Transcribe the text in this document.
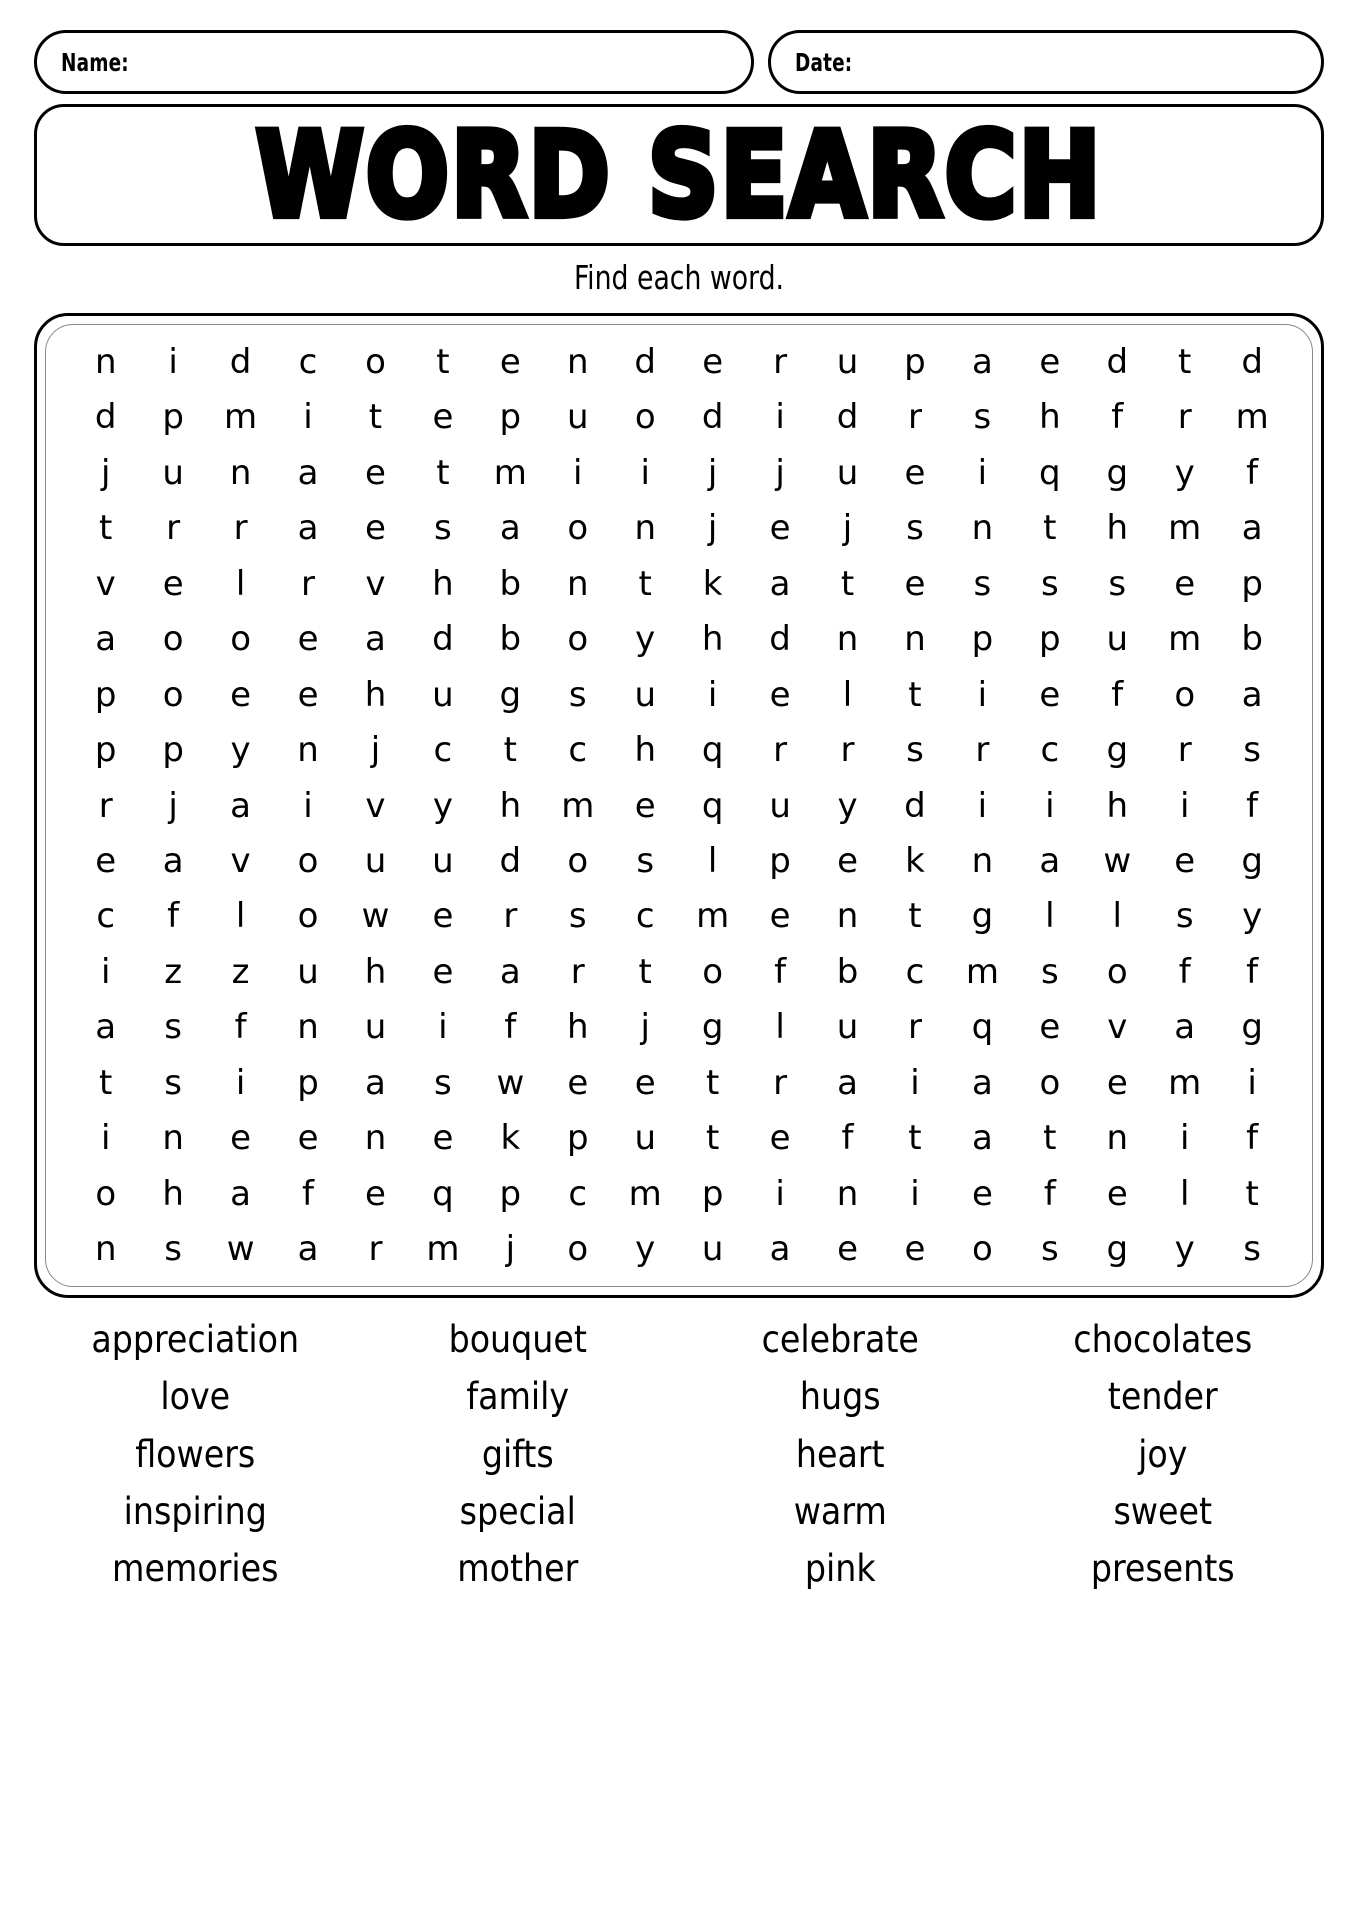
Name:	Date:
WORD SEARCH
Find each word.
n	i	d	c	o	t	e	n	d	e	r	u	p	a	e	d	t	d
d	p	m	i	t	e	p	u	o	d	i	d	r	s	h	f	r	m
j	u	n	a	e	t	m	i	i	j	j	u	e	i	q	g	y	f
t	r	r	a	e	s	a	o	n	j	e	j	s	n	t	h	m	a
v	e	l	r	v	h	b	n	t	k	a	t	e	s	s	s	e	p
a	o	o	e	a	d	b	o	y	h	d	n	n	p	p	u	m	b
p	o	e	e	h	u	g	s	u	i	e	l	t	i	e	f	o	a
p	p	y	n	j	c	t	c	h	q	r	r	s	r	c	g	r	s
r	j	a	i	v	y	h	m	e	q	u	y	d	i	i	h	i	f
e	a	v	o	u	u	d	o	s	l	p	e	k	n	a	w	e	g
c	f	l	o	w	e	r	s	c	m	e	n	t	g	l	l	s	y
i	z	z	u	h	e	a	r	t	o	f	b	c	m	s	o	f	f
a	s	f	n	u	i	f	h	j	g	l	u	r	q	e	v	a	g
t	s	i	p	a	s	w	e	e	t	r	a	i	a	o	e	m	i
i	n	e	e	n	e	k	p	u	t	e	f	t	a	t	n	i	f
o	h	a	f	e	q	p	c	m	p	i	n	i	e	f	e	l	t
n	s	w	a	r	m	j	o	y	u	a	e	e	o	s	g	y	s
appreciation	bouquet	celebrate	chocolates
love	family	hugs	tender
flowers	gifts	heart	joy
inspiring	special	warm	sweet
memories	mother	pink	presents
